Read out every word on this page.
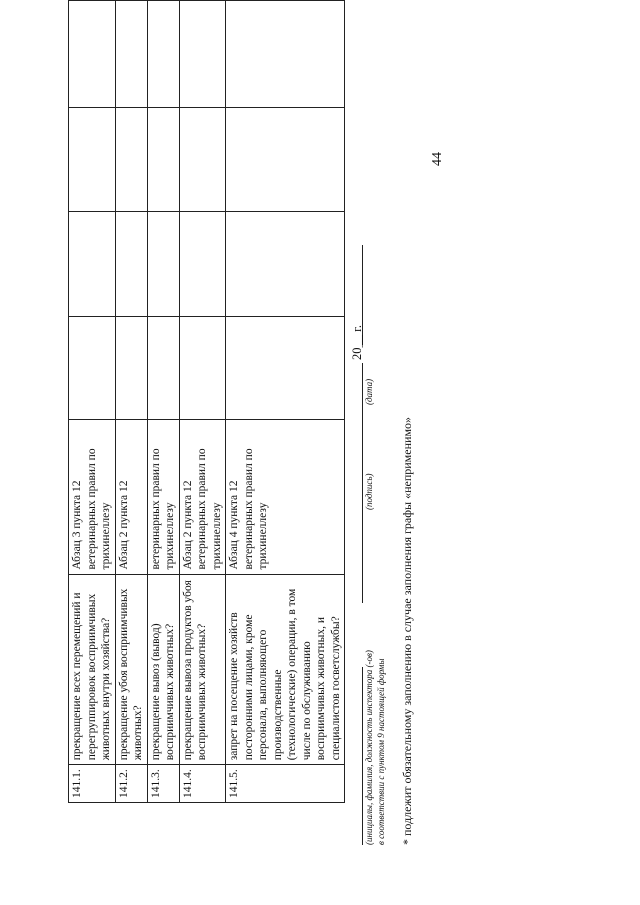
44
141.1.	прекращение всех перемещений и перегруппировок восприимчивых животных внутри хозяйства?	Абзац 3 пункта 12 ветеринарных правил по трихинеллезу				
141.2.	прекращение убоя восприимчивых животных?	Абзац 2 пункта 12				
141.3.	прекращение вывоз (вывод) восприимчивых животных?	ветеринарных правил по трихинеллезу				
141.4.	прекращение вывоза продуктов убоя восприимчивых животных?	Абзац 2 пункта 12 ветеринарных правил по трихинеллезу				
141.5.	запрет на посещение хозяйств посторонними лицами, кроме персонала, выполняющего производственные (технологические) операции, в том числе по обслуживанию восприимчивых животных, и специалистов госветслужбы?	Абзац 4 пункта 12 ветеринарных правил по трихинеллезу				
(инициалы, фамилия, должность инспектора (-ов) в соответствии с пунктом 9 настоящей формы
(подпись)
(дата)
20__ г.
* подлежит обязательному заполнению в случае заполнения графы «неприменимо»
